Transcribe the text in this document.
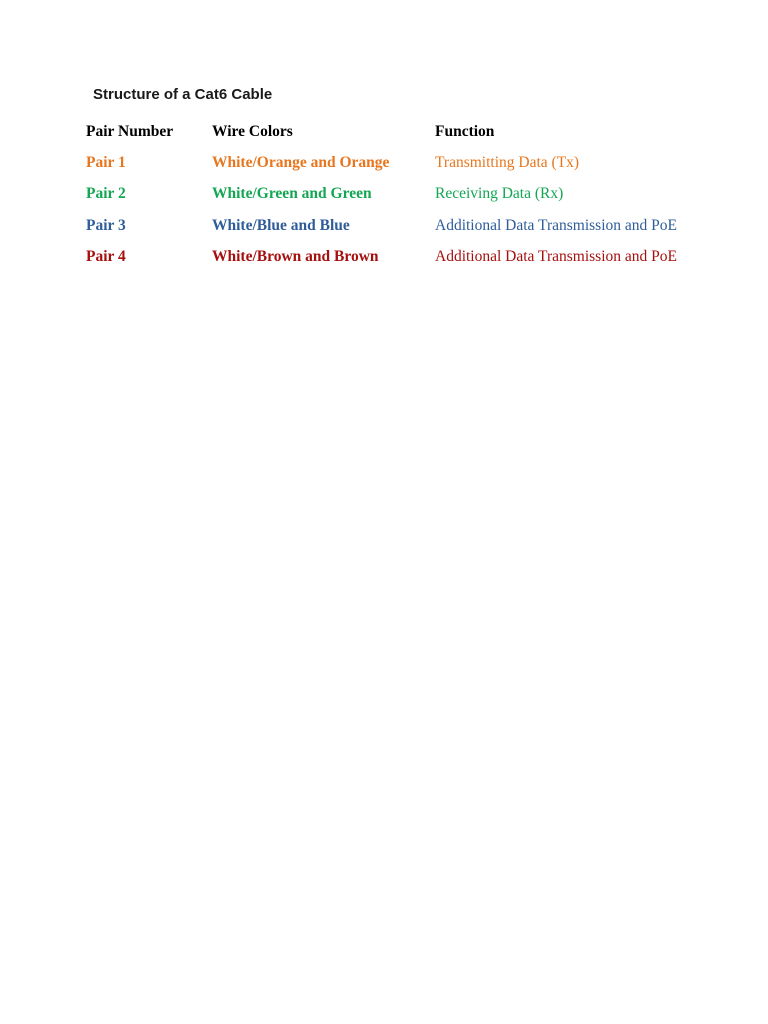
Structure of a Cat6 Cable
Pair Number	Wire Colors	Function
Pair 1	White/Orange and Orange	Transmitting Data (Tx)
Pair 2	White/Green and Green	Receiving Data (Rx)
Pair 3	White/Blue and Blue	Additional Data Transmission and PoE
Pair 4	White/Brown and Brown	Additional Data Transmission and PoE
